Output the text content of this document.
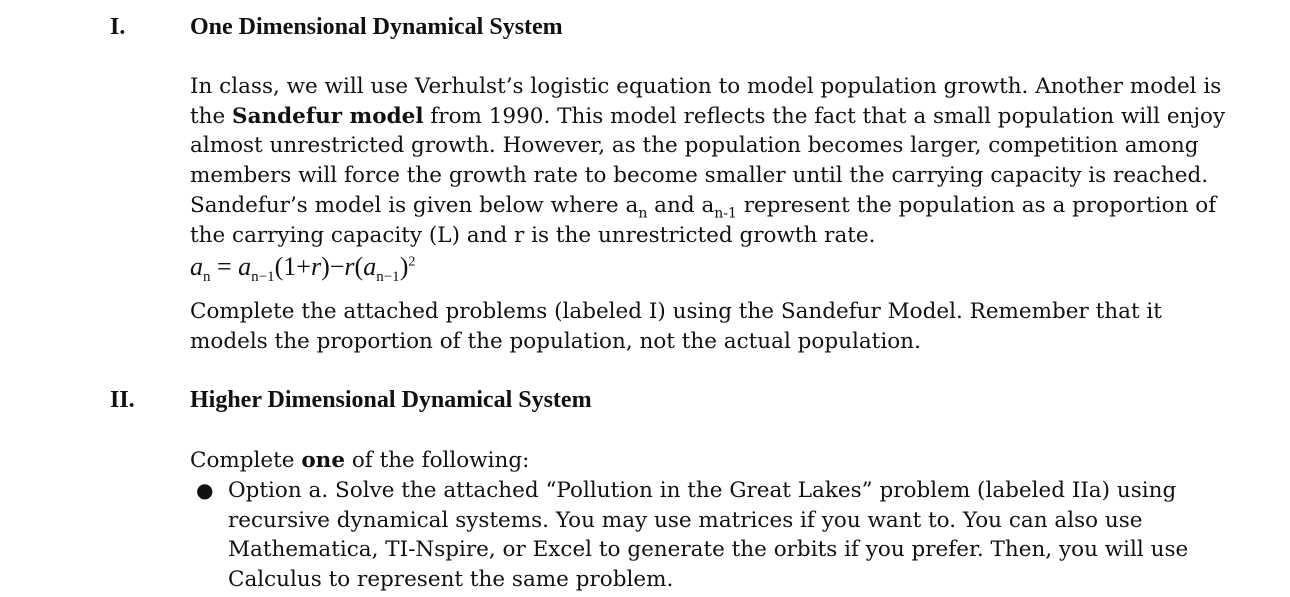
I.	One Dimensional Dynamical System
In class, we will use Verhulst’s logistic equation to model population growth. Another model is
the Sandefur model from 1990. This model reflects the fact that a small population will enjoy
almost unrestricted growth. However, as the population becomes larger, competition among
members will force the growth rate to become smaller until the carrying capacity is reached.
Sandefur’s model is given below where $a_n$ and $a_{n-1}$ represent the population as a proportion of
the carrying capacity (L) and r is the unrestricted growth rate.
$a_n = a_{n-1}(1+r)-r(a_{n-1})^2$
Complete the attached problems (labeled I) using the Sandefur Model. Remember that it
models the proportion of the population, not the actual population.
II. Higher Dimensional Dynamical System
Complete one of the following:
● Option a. Solve the attached “Pollution in the Great Lakes” problem (labeled IIa) using
recursive dynamical systems. You may use matrices if you want to. You can also use
Mathematica, TI-Nspire, or Excel to generate the orbits if you prefer. Then, you will use
Calculus to represent the same problem.
